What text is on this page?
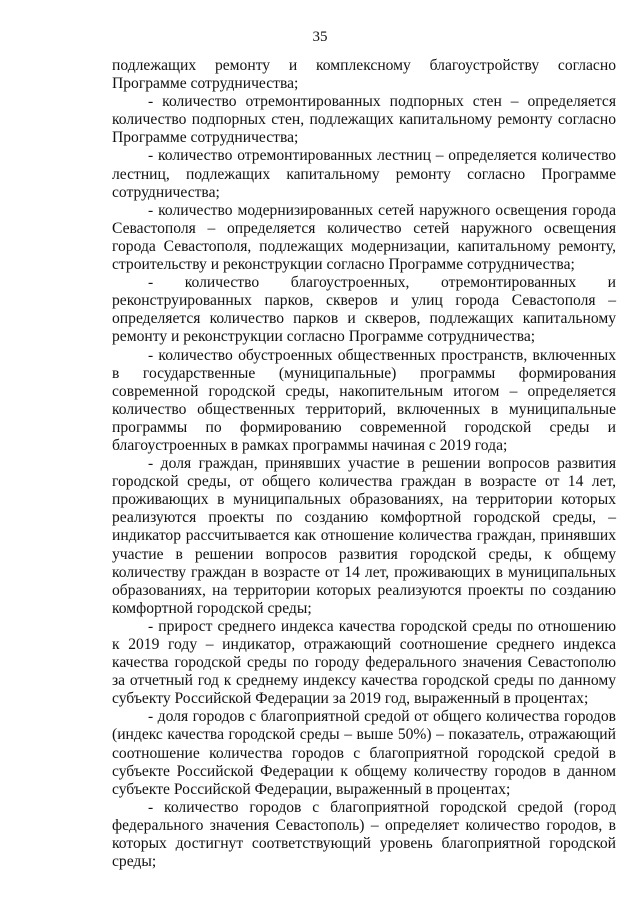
35

подлежащих ремонту и комплексному благоустройству согласно Программе сотрудничества;

- количество отремонтированных подпорных стен – определяется количество подпорных стен, подлежащих капитальному ремонту согласно Программе сотрудничества;

- количество отремонтированных лестниц – определяется количество лестниц, подлежащих капитальному ремонту согласно Программе сотрудничества;

- количество модернизированных сетей наружного освещения города Севастополя – определяется количество сетей наружного освещения города Севастополя, подлежащих модернизации, капитальному ремонту, строительству и реконструкции согласно Программе сотрудничества;

- количество благоустроенных, отремонтированных и реконструированных парков, скверов и улиц города Севастополя – определяется количество парков и скверов, подлежащих капитальному ремонту и реконструкции согласно Программе сотрудничества;

- количество обустроенных общественных пространств, включенных в государственные (муниципальные) программы формирования современной городской среды, накопительным итогом – определяется количество общественных территорий, включенных в муниципальные программы по формированию современной городской среды и благоустроенных в рамках программы начиная с 2019 года;

- доля граждан, принявших участие в решении вопросов развития городской среды, от общего количества граждан в возрасте от 14 лет, проживающих в муниципальных образованиях, на территории которых реализуются проекты по созданию комфортной городской среды, – индикатор рассчитывается как отношение количества граждан, принявших участие в решении вопросов развития городской среды, к общему количеству граждан в возрасте от 14 лет, проживающих в муниципальных образованиях, на территории которых реализуются проекты по созданию комфортной городской среды;

- прирост среднего индекса качества городской среды по отношению к 2019 году – индикатор, отражающий соотношение среднего индекса качества городской среды по городу федерального значения Севастополю за отчетный год к среднему индексу качества городской среды по данному субъекту Российской Федерации за 2019 год, выраженный в процентах;

- доля городов с благоприятной средой от общего количества городов (индекс качества городской среды – выше 50%) – показатель, отражающий соотношение количества городов с благоприятной городской средой в субъекте Российской Федерации к общему количеству городов в данном субъекте Российской Федерации, выраженный в процентах;

- количество городов с благоприятной городской средой (город федерального значения Севастополь) – определяет количество городов, в которых достигнут соответствующий уровень благоприятной городской среды;
